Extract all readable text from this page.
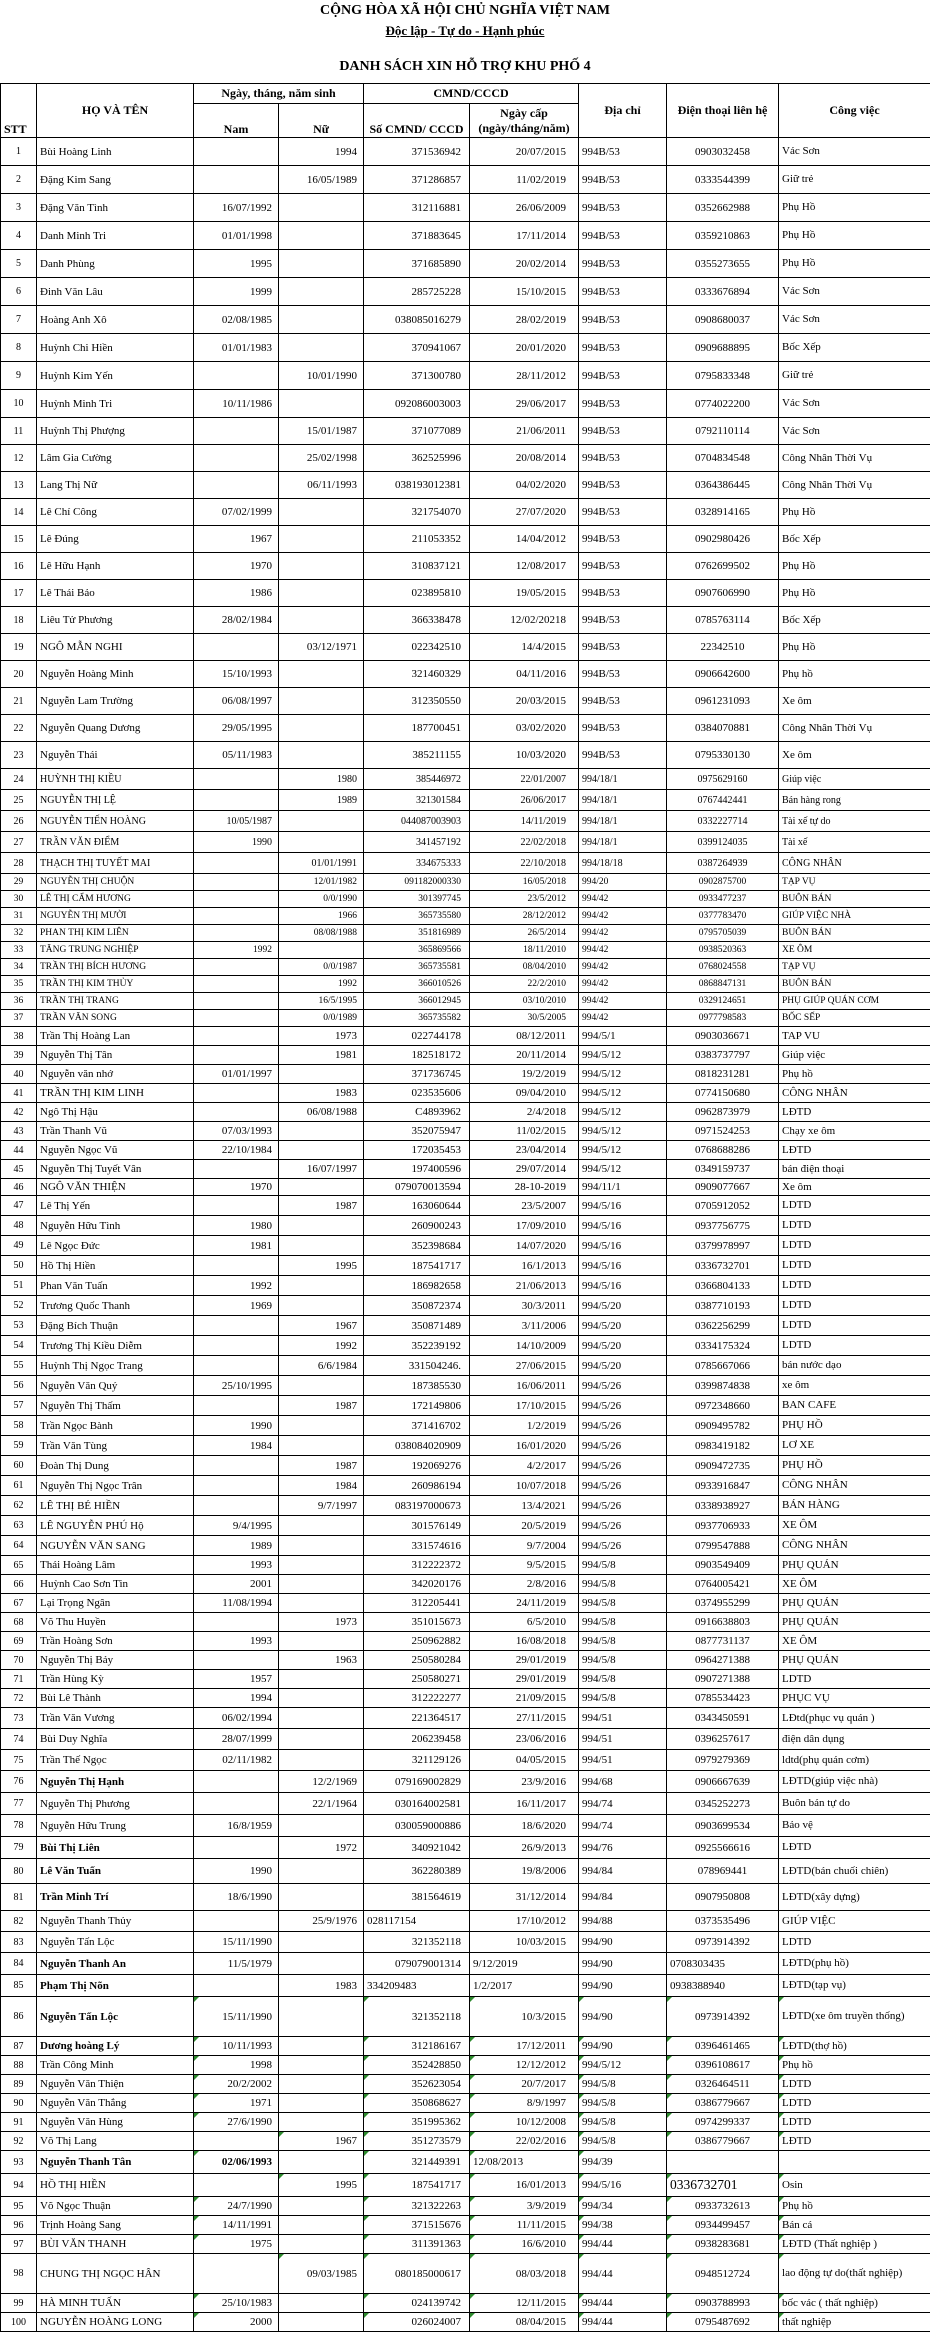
CỘNG HÒA XÃ HỘI CHỦ NGHĨA VIỆT NAM
Độc lập - Tự do - Hạnh phúc
DANH SÁCH XIN HỖ TRỢ KHU PHỐ 4
STT	HỌ VÀ TÊN	Ngày, tháng, năm sinh		CMND/CCCD		Địa chỉ	Điện thoại liên hệ	Công việc
		Nam	Nữ	Số CMND/ CCCD	Ngày cấp
(ngày/tháng/năm)			

1	Bùi Hoàng Linh		1994	371536942	20/07/2015	994B/53	0903032458	Vác Sơn
2	Đặng Kim Sang		16/05/1989	371286857	11/02/2019	994B/53	0333544399	Giữ trẻ
3	Đặng Văn Tình	16/07/1992		312116881	26/06/2009	994B/53	0352662988	Phụ Hồ
4	Danh Minh Tri	01/01/1998		371883645	17/11/2014	994B/53	0359210863	Phụ Hồ
5	Danh Phùng	1995		371685890	20/02/2014	994B/53	0355273655	Phụ Hồ
6	Đinh Văn Lâu	1999		285725228	15/10/2015	994B/53	0333676894	Vác Sơn
7	Hoàng Anh Xô	02/08/1985		038085016279	28/02/2019	994B/53	0908680037	Vác Sơn
8	Huỳnh Chi Hiền	01/01/1983		370941067	20/01/2020	994B/53	0909688895	Bốc Xếp
9	Huỳnh Kim Yến		10/01/1990	371300780	28/11/2012	994B/53	0795833348	Giữ trẻ
10	Huỳnh Minh Tri	10/11/1986		092086003003	29/06/2017	994B/53	0774022200	Vác Sơn
11	Huỳnh Thị Phượng		15/01/1987	371077089	21/06/2011	994B/53	0792110114	Vác Sơn
12	Lâm Gia Cường		25/02/1998	362525996	20/08/2014	994B/53	0704834548	Công Nhân Thời Vụ
13	Lang Thị Nữ		06/11/1993	038193012381	04/02/2020	994B/53	0364386445	Công Nhân Thời Vụ
14	Lê Chí Công	07/02/1999		321754070	27/07/2020	994B/53	0328914165	Phụ Hồ
15	Lê Đúng	1967		211053352	14/04/2012	994B/53	0902980426	Bốc Xếp
16	Lê Hữu Hạnh	1970		310837121	12/08/2017	994B/53	0762699502	Phụ Hồ
17	Lê Thái Bảo	1986		023895810	19/05/2015	994B/53	0907606990	Phụ Hồ
18	Liêu Tử Phương	28/02/1984		366338478	12/02/20218	994B/53	0785763114	Bốc Xếp
19	NGÔ MẪN NGHI		03/12/1971	022342510	14/4/2015	994B/53	22342510	Phụ Hồ
20	Nguyễn Hoàng Minh	15/10/1993		321460329	04/11/2016	994B/53	0906642600	Phụ hồ
21	Nguyễn Lam Trường	06/08/1997		312350550	20/03/2015	994B/53	0961231093	Xe ôm
22	Nguyễn Quang Dương	29/05/1995		187700451	03/02/2020	994B/53	0384070881	Công Nhân Thời Vụ
23	Nguyễn Thái	05/11/1983		385211155	10/03/2020	994B/53	0795330130	Xe ôm
24	HUỲNH THỊ KIỀU		1980	385446972	22/01/2007	994/18/1	0975629160	Giúp việc
25	NGUYỄN THỊ LỆ		1989	321301584	26/06/2017	994/18/1	0767442441	Bán hàng rong
26	NGUYỄN TIẾN HOÀNG	10/05/1987		044087003903	14/11/2019	994/18/1	0332227714	Tài xế tự do
27	TRẦN VĂN ĐIỂM	1990		341457192	22/02/2018	994/18/1	0399124035	Tài xế
28	THẠCH THỊ TUYẾT MAI		01/01/1991	334675333	22/10/2018	994/18/18	0387264939	CÔNG NHÂN
29	NGUYỄN THỊ CHUỘN		12/01/1982	091182000330	16/05/2018	994/20	0902875700	TẠP VỤ
30	LÊ THỊ CẨM HƯƠNG		0/0/1990	301397745	23/5/2012	994/42	0933477237	BUÔN BÁN
31	NGUYỄN THỊ MƯỜI		1966	365735580	28/12/2012	994/42	0377783470	GIÚP VIỆC NHÀ
32	PHAN THỊ KIM LIÊN		08/08/1988	351816989	26/5/2014	994/42	0795705039	BUÔN BÁN
33	TĂNG TRUNG NGHIỆP	1992		365869566	18/11/2010	994/42	0938520363	XE ÔM
34	TRẦN THỊ BÍCH HƯƠNG		0/0/1987	365735581	08/04/2010	994/42	0768024558	TẠP VỤ
35	TRẦN THỊ KIM THỦY		1992	366010526	22/2/2010	994/42	0868847131	BUÔN BÁN
36	TRẦN THỊ TRANG		16/5/1995	366012945	03/10/2010	994/42	0329124651	PHỤ GIÚP QUÁN CƠM
37	TRẦN VĂN SONG		0/0/1989	365735582	30/5/2005	994/42	0977798583	BỐC SẾP
38	Trần Thị Hoàng Lan		1973	022744178	08/12/2011	994/5/1	0903036671	TAP VU
39	Nguyễn Thị Tân		1981	182518172	20/11/2014	994/5/12	0383737797	Giúp việc
40	Nguyễn văn nhớ	01/01/1997		371736745	19/2/2019	994/5/12	0818231281	Phụ hồ
41	TRẦN THỊ KIM LINH		1983	023535606	09/04/2010	994/5/12	0774150680	CÔNG NHÂN
42	Ngô Thị Hậu		06/08/1988	C4893962	2/4/2018	994/5/12	0962873979	LĐTD
43	Trần Thanh Vũ	07/03/1993		352075947	11/02/2015	994/5/12	0971524253	Chạy xe ôm
44	Nguyễn Ngọc Vũ	22/10/1984		172035453	23/04/2014	994/5/12	0768688286	LĐTD
45	Nguyễn Thị Tuyết Vân		16/07/1997	197400596	29/07/2014	994/5/12	0349159737	bán điện thoại
46	NGÔ VĂN THIỆN	1970		079070013594	28-10-2019	994/11/1	0909077667	Xe ôm
47	Lê Thị Yến		1987	163060644	23/5/2007	994/5/16	0705912052	LDTD
48	Nguyễn Hữu Tình	1980		260900243	17/09/2010	994/5/16	0937756775	LDTD
49	Lê Ngọc Đức	1981		352398684	14/07/2020	994/5/16	0379978997	LDTD
50	Hồ Thị Hiền		1995	187541717	16/1/2013	994/5/16	0336732701	LDTD
51	Phan Văn Tuấn	1992		186982658	21/06/2013	994/5/16	0366804133	LDTD
52	Trương Quốc Thanh	1969		350872374	30/3/2011	994/5/20	0387710193	LDTD
53	Đặng Bích Thuận		1967	350871489	3/11/2006	994/5/20	0362256299	LDTD
54	Trương Thị Kiều Diễm		1992	352239192	14/10/2009	994/5/20	0334175324	LDTD
55	Huỳnh Thị Ngọc Trang		6/6/1984	331504246.	27/06/2015	994/5/20	0785667066	bán nước dạo
56	Nguyễn Văn Quý	25/10/1995		187385530	16/06/2011	994/5/26	0399874838	xe ôm
57	Nguyễn Thị Thấm		1987	172149806	17/10/2015	994/5/26	0972348660	BAN CAFE
58	Trần Ngọc Bành	1990		371416702	1/2/2019	994/5/26	0909495782	PHỤ HỒ
59	Trần Văn Tùng	1984		038084020909	16/01/2020	994/5/26	0983419182	LƠ XE
60	Đoàn Thị Dung		1987	192069276	4/2/2017	994/5/26	0909472735	PHỤ HỒ
61	Nguyễn Thị Ngọc Trân		1984	260986194	10/07/2018	994/5/26	0933916847	CÔNG NHÂN
62	LÊ THỊ BÉ HIỀN		9/7/1997	083197000673	13/4/2021	994/5/26	0338938927	BÁN HÀNG
63	LÊ NGUYỄN PHÚ Hộ	9/4/1995		301576149	20/5/2019	994/5/26	0937706933	XE ÔM
64	NGUYỄN VĂN SANG	1989		331574616	9/7/2004	994/5/26	0799547888	CÔNG NHÂN
65	Thái Hoàng Lâm	1993		312222372	9/5/2015	994/5/8	0903549409	PHỤ QUÁN
66	Huỳnh Cao Sơn Tin	2001		342020176	2/8/2016	994/5/8	0764005421	XE ÔM
67	Lại Trọng Ngân	11/08/1994		312205441	24/11/2019	994/5/8	0374955299	PHỤ QUÁN
68	Võ Thu Huyền		1973	351015673	6/5/2010	994/5/8	0916638803	PHỤ QUÁN
69	Trần Hoàng Sơn	1993		250962882	16/08/2018	994/5/8	0877731137	XE ÔM
70	Nguyễn Thị Bảy		1963	250580284	29/01/2019	994/5/8	0964271388	PHỤ QUÁN
71	Trần Hùng Kỳ	1957		250580271	29/01/2019	994/5/8	0907271388	LDTD
72	Bùi Lê Thành	1994		312222277	21/09/2015	994/5/8	0785534423	PHỤC VỤ
73	Trần Văn Vương	06/02/1994		221364517	27/11/2015	994/51	0343450591	LĐtd(phục vụ quán )
74	Bùi Duy Nghĩa	28/07/1999		206239458	23/06/2016	994/51	0396257617	điện dân dụng
75	Trần Thế Ngọc	02/11/1982		321129126	04/05/2015	994/51	0979279369	ldtd(phụ quán cơm)
76	Nguyễn Thị Hạnh		12/2/1969	079169002829	23/9/2016	994/68	0906667639	LĐTD(giúp việc nhà)
77	Nguyễn Thị Phương		22/1/1964	030164002581	16/11/2017	994/74	0345252273	Buôn bán tự do
78	Nguyễn Hữu Trung	16/8/1959		030059000886	18/6/2020	994/74	0903699534	Bảo vệ
79	Bùi Thị Liên		1972	340921042	26/9/2013	994/76	0925566616	LĐTD
80	Lê Văn Tuấn	1990		362280389	19/8/2006	994/84	078969441	LĐTD(bán chuối chiên)
81	Trần Minh Trí	18/6/1990		381564619	31/12/2014	994/84	0907950808	LĐTD(xây dựng)
82	Nguyễn Thanh Thủy		25/9/1976	028117154	17/10/2012	994/88	0373535496	GIÚP VIỆC
83	Nguyễn Tấn Lộc	15/11/1990		321352118	10/03/2015	994/90	0973914392	LDTD
84	Nguyễn Thanh An	11/5/1979		079079001314	9/12/2019	994/90	0708303435	LĐTD(phụ hồ)
85	Phạm Thị Nõn		1983	334209483	1/2/2017	994/90	0938388940	LĐTD(tạp vụ)
86	Nguyễn Tấn Lộc	15/11/1990		321352118	10/3/2015	994/90	0973914392	LĐTD(xe ôm truyền thống)

87	Dương hoàng Lý	10/11/1993		312186167	17/12/2011	994/90	0396461465	LĐTD(thợ hồ)

88	Trần Công Minh	1998		352428850	12/12/2012	994/5/12	0396108617	Phụ hồ

89	Nguyễn Văn Thiện	20/2/2002		352623054	20/7/2017	994/5/8	0326464511	LDTD

90	Nguyễn Văn Thắng	1971		350868627	8/9/1997	994/5/8	0386779667	LDTD

91	Nguyễn Văn Hùng	27/6/1990		351995362	10/12/2008	994/5/8	0974299337	LDTD

92	Võ Thị Lang		1967	351273579	22/02/2016	994/5/8	0386779667	LĐTD

93	Nguyễn Thanh Tân	02/06/1993		321449391	12/08/2013	994/39

94	HỒ THỊ HIỀN		1995	187541717	16/01/2013	994/5/16	0336732701	Osin

95	Võ Ngọc Thuận	24/7/1990		321322263	3/9/2019	994/34	0933732613	Phụ hồ

96	Trịnh Hoàng Sang	14/11/1991		371515676	11/11/2015	994/38	0934499457	Bán cá

97	BÙI VĂN THANH	1975		311391363	16/6/2010	994/44	0938283681	LĐTD (Thất nghiệp )

98	CHUNG THỊ NGỌC HÂN		09/03/1985	080185000617	08/03/2018	994/44	0948512724	lao động tự do(thất nghiệp)

99	HÀ MINH TUẤN	25/10/1983		024139742	12/11/2015	994/44	0903788993	bốc vác ( thất nghiệp)

100	NGUYỄN HOÀNG LONG	2000		026024007	08/04/2015	994/44	0795487692	thất nghiệp
